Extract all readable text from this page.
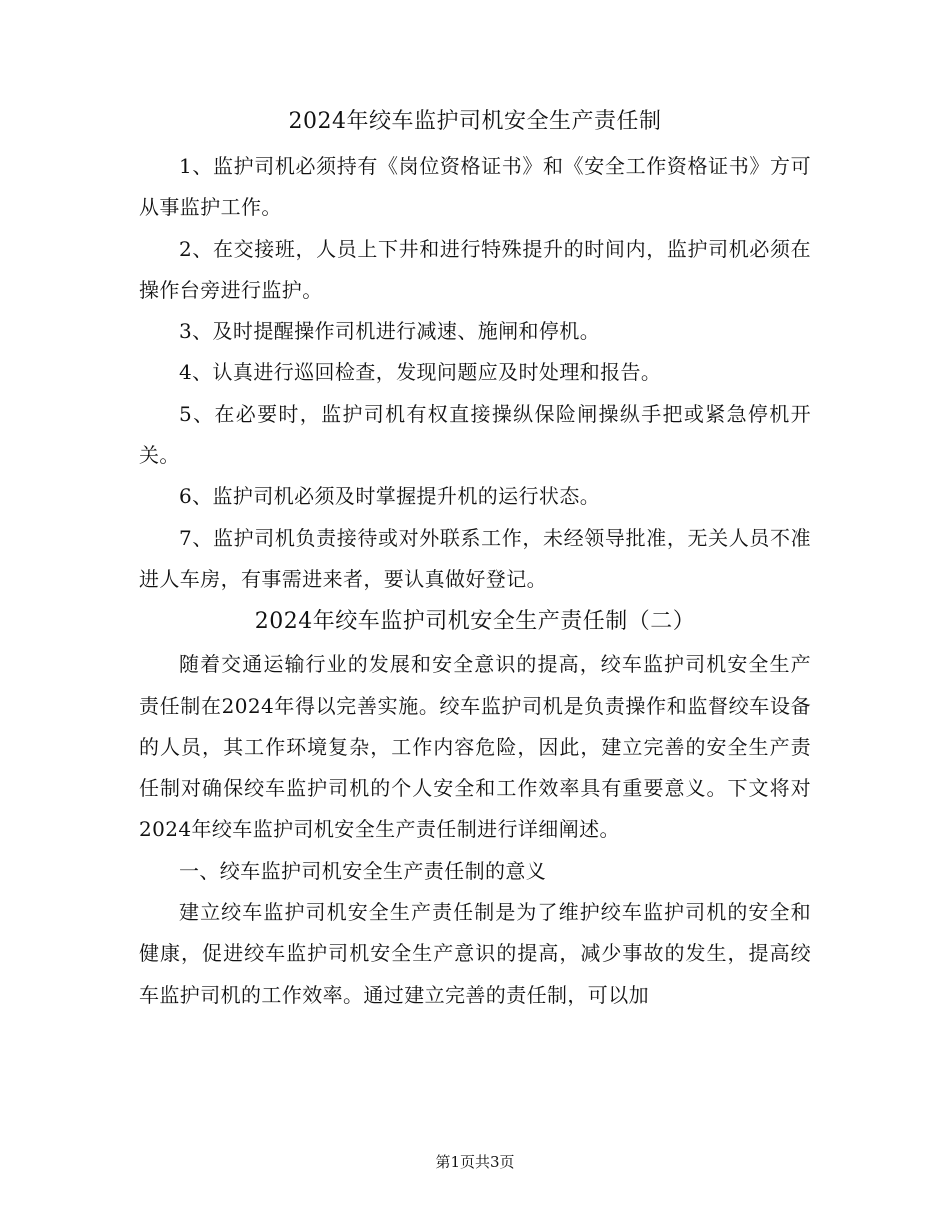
2024年绞车监护司机安全生产责任制

1、监护司机必须持有《岗位资格证书》和《安全工作资格证书》方可从事监护工作。

2、在交接班，人员上下井和进行特殊提升的时间内，监护司机必须在操作台旁进行监护。

3、及时提醒操作司机进行减速、施闸和停机。

4、认真进行巡回检查，发现问题应及时处理和报告。

5、在必要时，监护司机有权直接操纵保险闸操纵手把或紧急停机开关。

6、监护司机必须及时掌握提升机的运行状态。

7、监护司机负责接待或对外联系工作，未经领导批准，无关人员不准进人车房，有事需进来者，要认真做好登记。

2024年绞车监护司机安全生产责任制（二）

随着交通运输行业的发展和安全意识的提高，绞车监护司机安全生产责任制在2024年得以完善实施。绞车监护司机是负责操作和监督绞车设备的人员，其工作环境复杂，工作内容危险，因此，建立完善的安全生产责任制对确保绞车监护司机的个人安全和工作效率具有重要意义。下文将对2024年绞车监护司机安全生产责任制进行详细阐述。

一、绞车监护司机安全生产责任制的意义

建立绞车监护司机安全生产责任制是为了维护绞车监护司机的安全和健康，促进绞车监护司机安全生产意识的提高，减少事故的发生，提高绞车监护司机的工作效率。通过建立完善的责任制，可以加

第1页共3页
